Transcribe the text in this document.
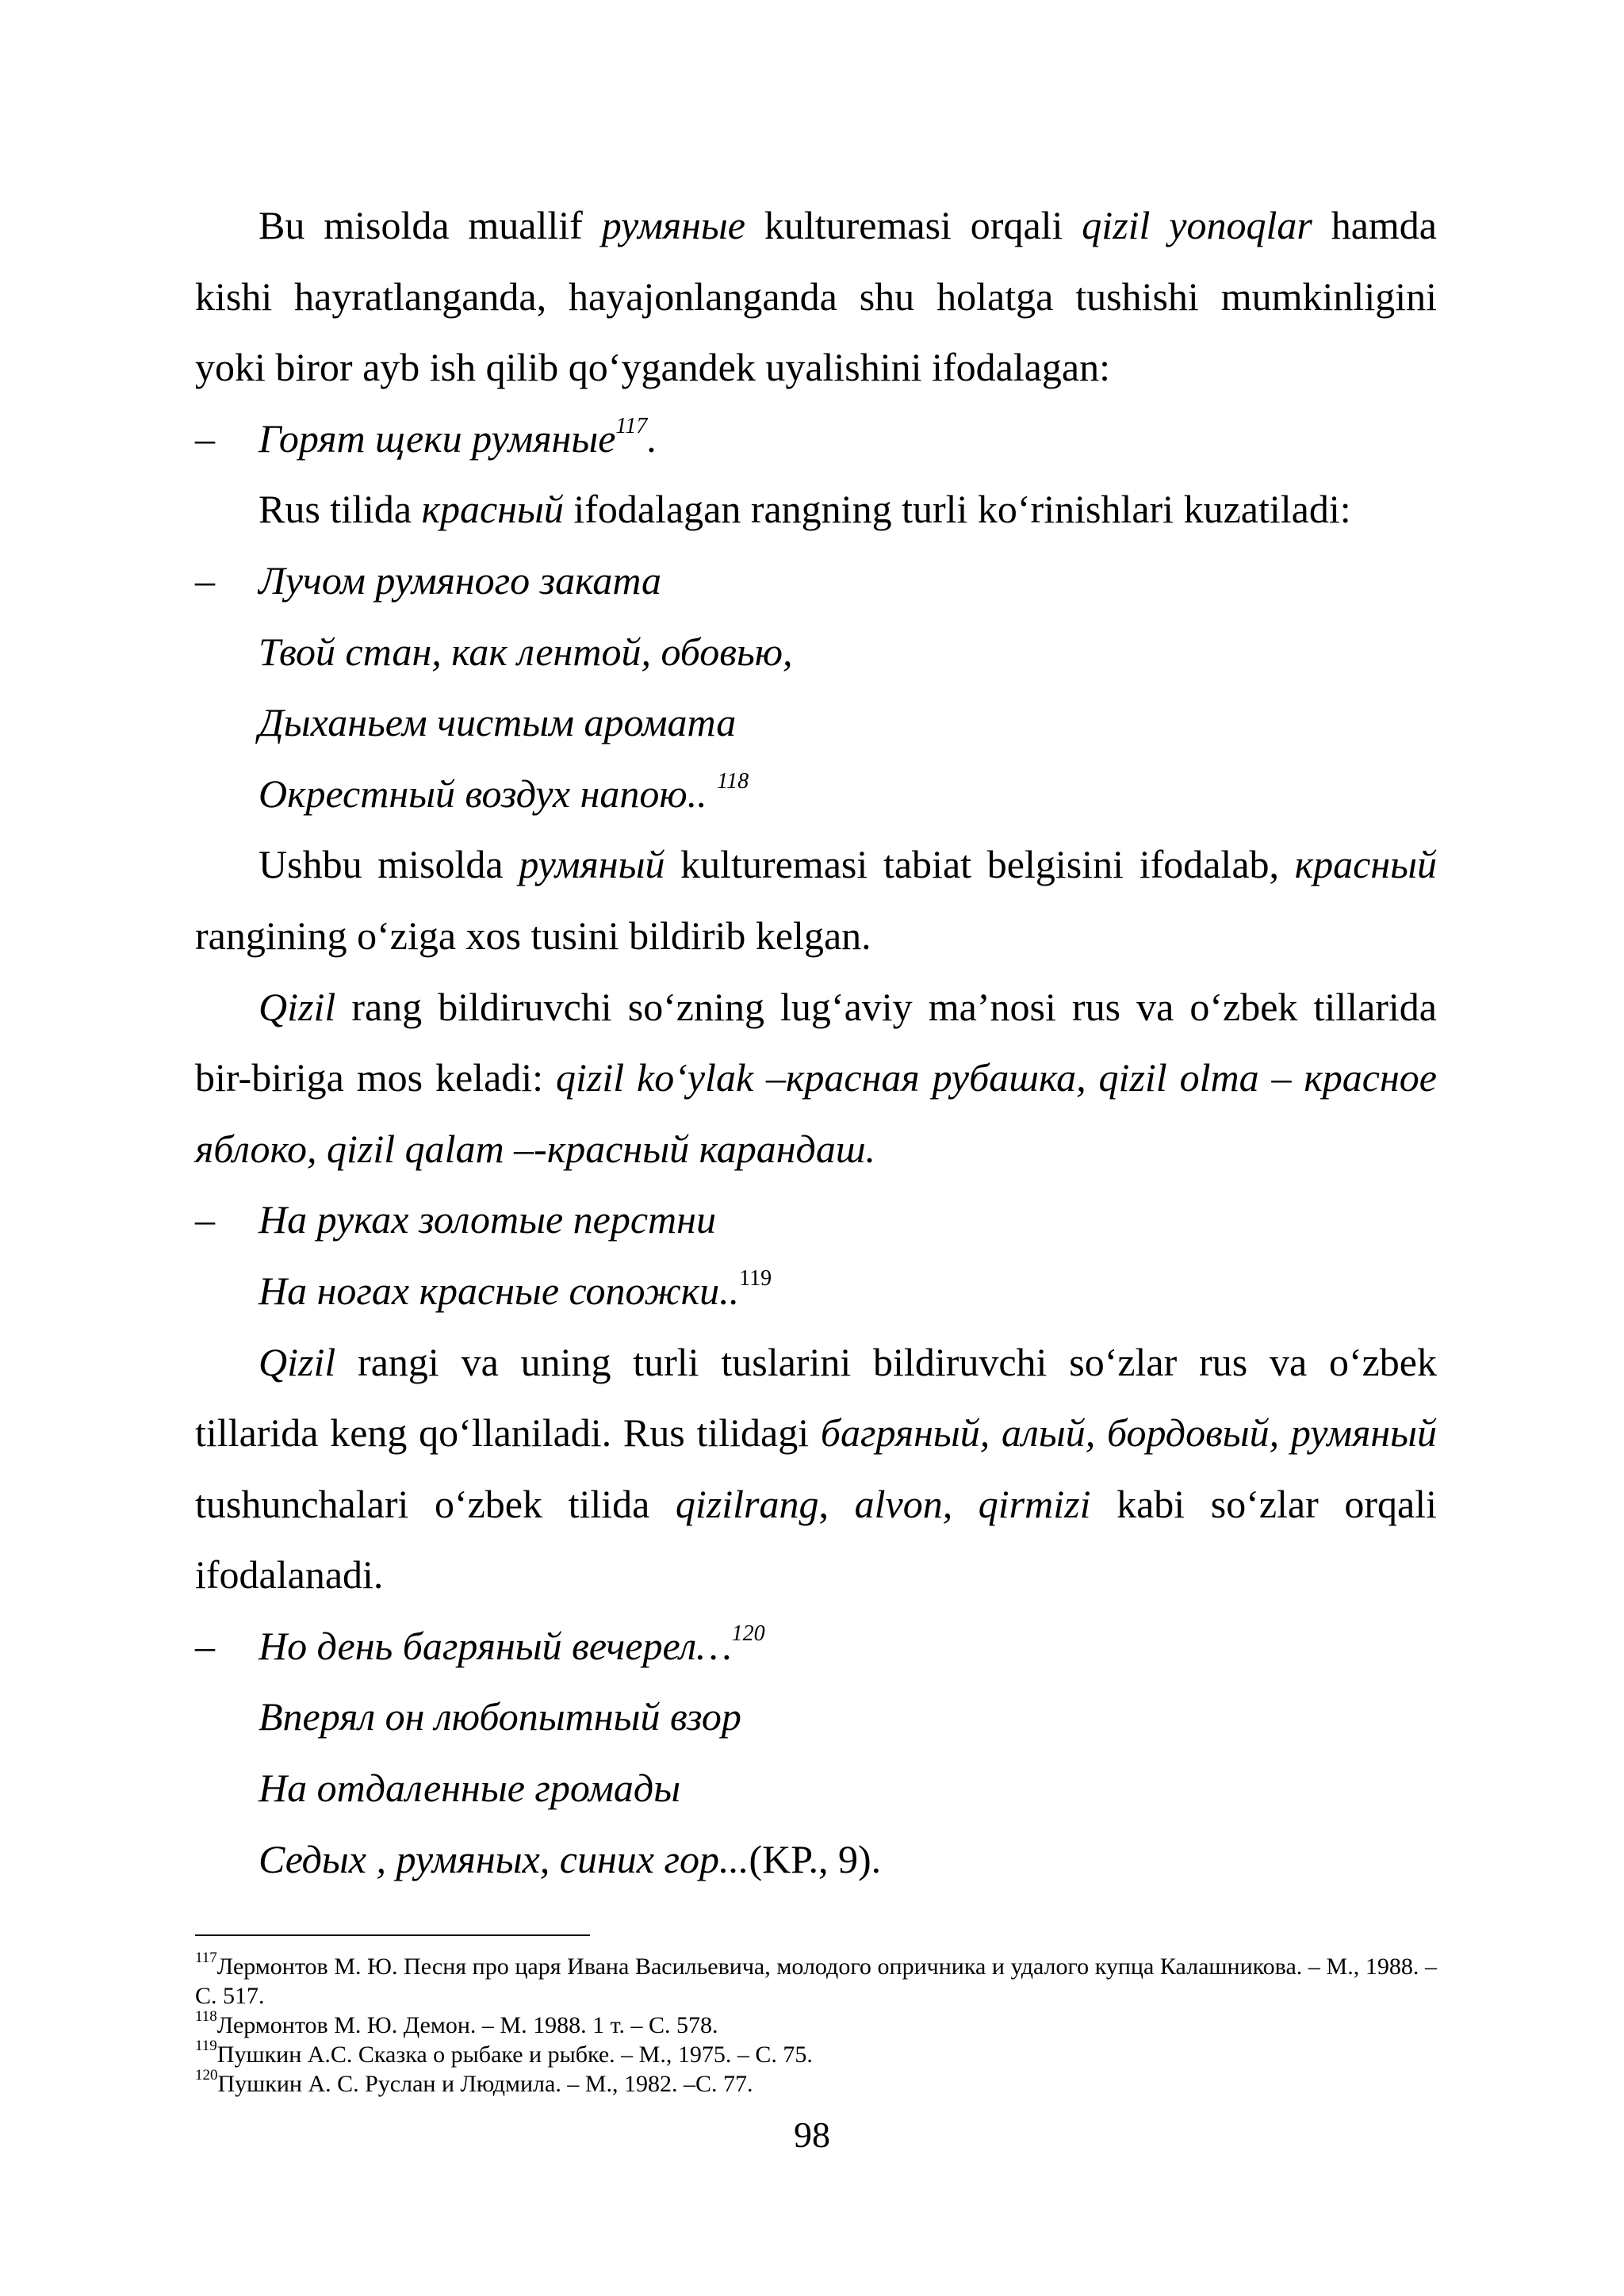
Bu misolda muallif румяные kulturemasi orqali qizil yonoqlar hamda kishi hayratlanganda, hayajonlanganda shu holatga tushishi mumkinligini yoki biror ayb ish qilib qo‘ygandek uyalishini ifodalagan:

– Горят щеки румяные$^{117}$.

Rus tilida красный ifodalagan rangning turli ko‘rinishlari kuzatiladi:

– Лучом румяного заката

Твой стан, как лентой, обовью,

Дыханьем чистым аромата

Окрестный воздух напою.. $^{118}$

Ushbu misolda румяный kulturemasi tabiat belgisini ifodalab, красный rangining o‘ziga xos tusini bildirib kelgan.

Qizil rang bildiruvchi so‘zning lug‘aviy ma’nosi rus va o‘zbek tillarida bir-biriga mos keladi: qizil ko‘ylak –красная рубашка, qizil olma – красное яблоко, qizil qalam –-красный карандаш.

– На руках золотые перстни

На ногах красные сопожки..$^{119}$

Qizil rangi va uning turli tuslarini bildiruvchi so‘zlar rus va o‘zbek tillarida keng qo‘llaniladi. Rus tilidagi багряный, алый, бордовый, румяный tushunchalari o‘zbek tilida qizilrang, alvon, qirmizi kabi so‘zlar orqali ifodalanadi.

– Но день багряный вечерел…$^{120}$

Вперял он любопытный взор

На отдаленные громады

Седых , румяных, синих гор...(KP., 9).

$^{117}$Лермонтов М. Ю. Песня про царя Ивана Васильевича, молодого опричника и удалого купца Калашникова. – М., 1988. – С. 517.

$^{118}$Лермонтов М. Ю. Демон. – М. 1988. 1 т. – С. 578.

$^{119}$Пушкин А.С. Сказка о рыбаке и рыбке. – М., 1975. – С. 75.

$^{120}$Пушкин А. С. Руслан и Людмила. – М., 1982. –С. 77.

98
